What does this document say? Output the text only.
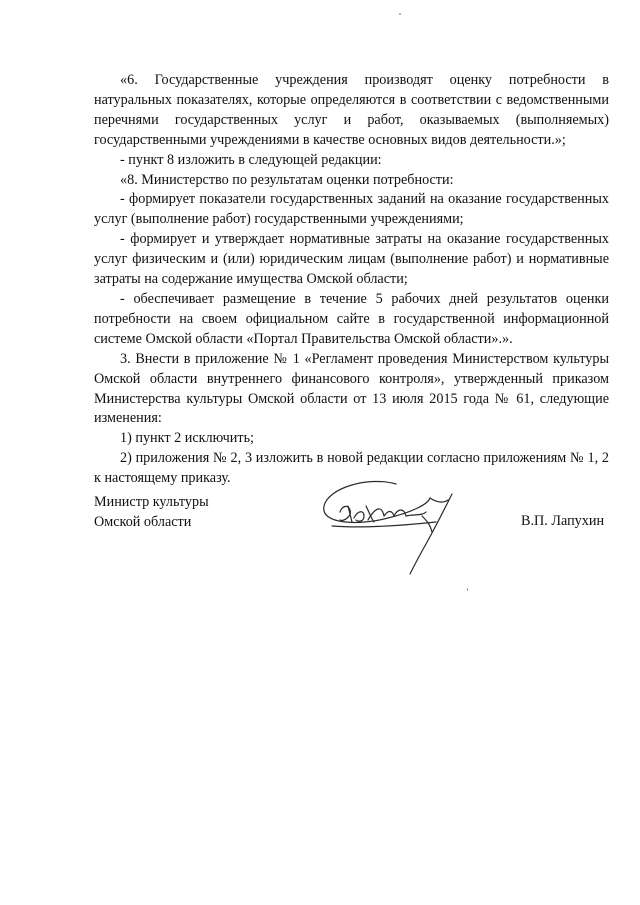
«6. Государственные учреждения производят оценку потребности в натуральных показателях, которые определяются в соответствии с ведомственными перечнями государственных услуг и работ, оказываемых (выполняемых) государственными учреждениями в качестве основных видов деятельности.»;

- пункт 8 изложить в следующей редакции:

«8. Министерство по результатам оценки потребности:

- формирует показатели государственных заданий на оказание государственных услуг (выполнение работ) государственными учреждениями;

- формирует и утверждает нормативные затраты на оказание государственных услуг физическим и (или) юридическим лицам (выполнение работ) и нормативные затраты на содержание имущества Омской области;

- обеспечивает размещение в течение 5 рабочих дней результатов оценки потребности на своем официальном сайте в государственной информационной системе Омской области «Портал Правительства Омской области».».

3. Внести в приложение № 1 «Регламент проведения Министерством культуры Омской области внутреннего финансового контроля», утвержденный приказом Министерства культуры Омской области от 13 июля 2015 года № 61, следующие изменения:

1) пункт 2 исключить;

2) приложения № 2, 3 изложить в новой редакции согласно приложениям № 1, 2 к настоящему приказу.

Министр культуры
Омской области	В.П. Лапухин
